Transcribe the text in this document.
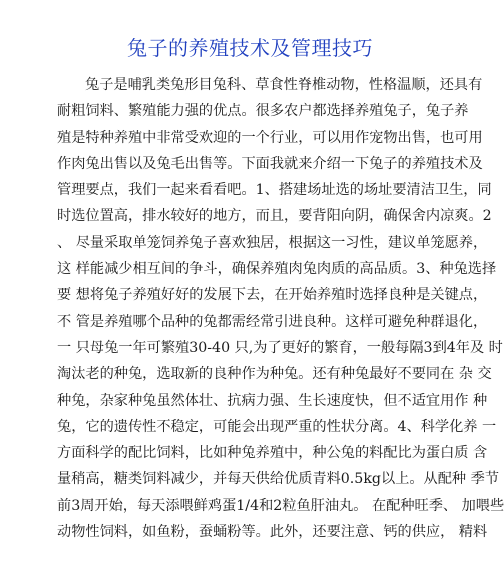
兔子的养殖技术及管理技巧
兔子是哺乳类兔形目兔科、草食性脊椎动物，性格温顺，还具有
耐粗饲料、繁殖能力强的优点。很多农户都选择养殖兔子，兔子养
殖是特种养殖中非常受欢迎的一个行业，可以用作宠物出售，也可用
作肉兔出售以及兔毛出售等。下面我就来介绍一下兔子的养殖技术及
管理要点，我们一起来看看吧。1、搭建场址选的场址要清洁卫生，同
时选位置高，排水较好的地方，而且，要背阳向阴，确保舍内凉爽。2
、 尽量采取单笼饲养兔子喜欢独居，根据这一习性，建议单笼愿养，
这 样能减少相互间的争斗，确保养殖肉兔肉质的高品质。3、种兔选择
要 想将兔子养殖好好的发展下去，在开始养殖时选择良种是关键点，
不 管是养殖哪个品种的兔都需经常引进良种。这样可避免种群退化，
一 只母兔一年可繁殖30-40 只,为了更好的繁育，一般每隔3到4年及 时
淘汰老的种兔，选取新的良种作为种兔。还有种兔最好不要同在 杂 交
种兔，杂家种兔虽然体壮、抗病力强、生长速度快，但不适宜用作 种
兔，它的遗传性不稳定，可能会出现严重的性状分离。4、科学化养 一
方面科学的配比饲料，比如种兔养殖中，种公兔的料配比为蛋白质 含
量稍高，糖类饲料减少，并每天供给优质青料0.5kg以上。从配种 季节
前3周开始，每天添喂鲜鸡蛋1/4和2粒鱼肝油丸。 在配种旺季、 加喂些
动物性饲料，如鱼粉，蚕蛹粉等。此外，还要注意、钙的供应， 精料
